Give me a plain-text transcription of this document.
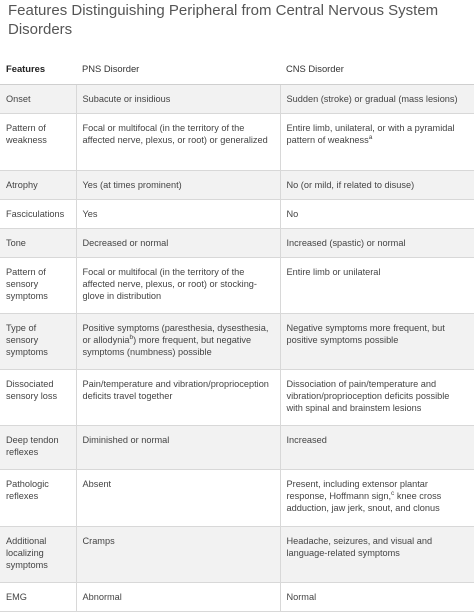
Features Distinguishing Peripheral from Central Nervous System Disorders
Features	PNS Disorder	CNS Disorder
Onset	Subacute or insidious	Sudden (stroke) or gradual (mass lesions)
Pattern of weakness	Focal or multifocal (in the territory of the affected nerve, plexus, or root) or generalized	Entire limb, unilateral, or with a pyramidal pattern of weakness$^a$
Atrophy	Yes (at times prominent)	No (or mild, if related to disuse)
Fasciculations	Yes	No
Tone	Decreased or normal	Increased (spastic) or normal
Pattern of sensory symptoms	Focal or multifocal (in the territory of the affected nerve, plexus, or root) or stocking-glove in distribution	Entire limb or unilateral
Type of sensory symptoms	Positive symptoms (paresthesia, dysesthesia, or allodynia$^b$) more frequent, but negative symptoms (numbness) possible	Negative symptoms more frequent, but positive symptoms possible
Dissociated sensory loss	Pain/temperature and vibration/proprioception deficits travel together	Dissociation of pain/temperature and vibration/proprioception deficits possible with spinal and brainstem lesions
Deep tendon reflexes	Diminished or normal	Increased
Pathologic reflexes	Absent	Present, including extensor plantar response, Hoffmann sign,$^c$ knee cross adduction, jaw jerk, snout, and clonus
Additional localizing symptoms	Cramps	Headache, seizures, and visual and language-related symptoms
EMG	Abnormal	Normal
